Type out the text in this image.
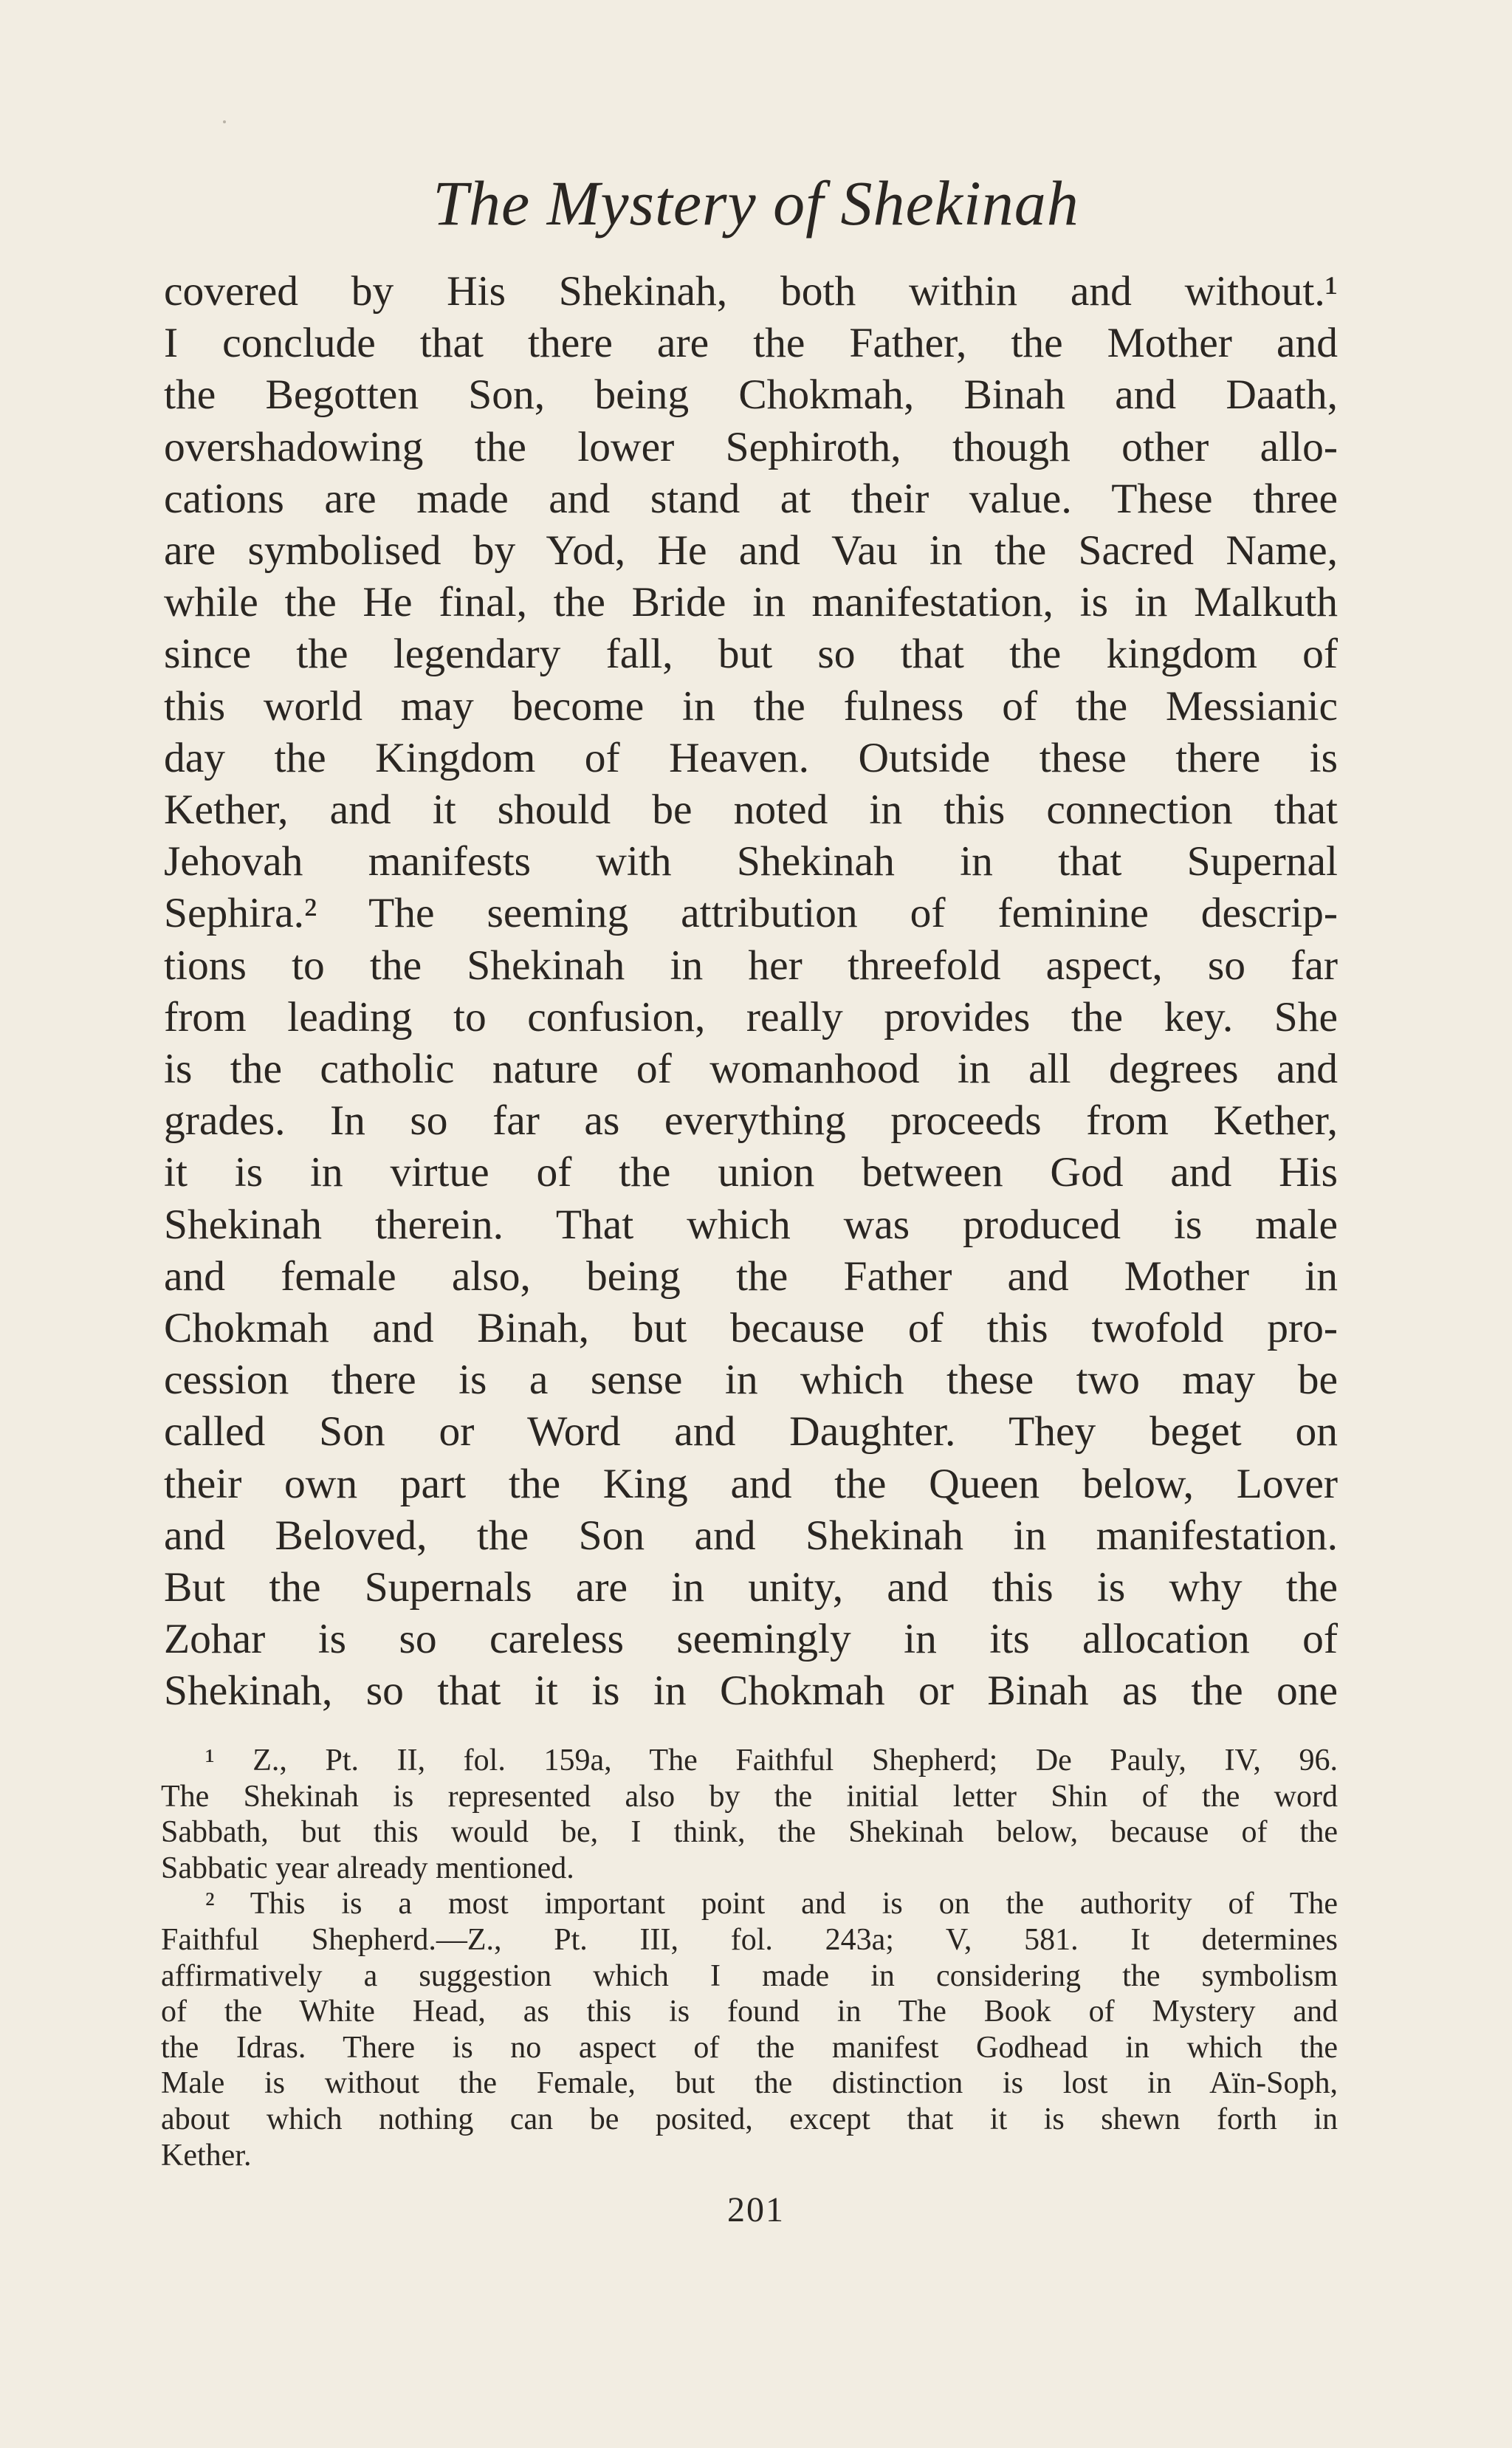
The Mystery of Shekinah
covered by His Shekinah, both within and without.¹
I conclude that there are the Father, the Mother and
the Begotten Son, being Chokmah, Binah and Daath,
overshadowing the lower Sephiroth, though other allo-
cations are made and stand at their value. These three
are symbolised by Yod, He and Vau in the Sacred Name,
while the He final, the Bride in manifestation, is in Malkuth
since the legendary fall, but so that the kingdom of
this world may become in the fulness of the Messianic
day the Kingdom of Heaven. Outside these there is
Kether, and it should be noted in this connection that
Jehovah manifests with Shekinah in that Supernal
Sephira.² The seeming attribution of feminine descrip-
tions to the Shekinah in her threefold aspect, so far
from leading to confusion, really provides the key. She
is the catholic nature of womanhood in all degrees and
grades. In so far as everything proceeds from Kether,
it is in virtue of the union between God and His
Shekinah therein. That which was produced is male
and female also, being the Father and Mother in
Chokmah and Binah, but because of this twofold pro-
cession there is a sense in which these two may be
called Son or Word and Daughter. They beget on
their own part the King and the Queen below, Lover
and Beloved, the Son and Shekinah in manifestation.
But the Supernals are in unity, and this is why the
Zohar is so careless seemingly in its allocation of
Shekinah, so that it is in Chokmah or Binah as the one
¹ Z., Pt. II, fol. 159a, The Faithful Shepherd; De Pauly, IV, 96.
The Shekinah is represented also by the initial letter Shin of the word
Sabbath, but this would be, I think, the Shekinah below, because of the
Sabbatic year already mentioned.
² This is a most important point and is on the authority of The
Faithful Shepherd.—Z., Pt. III, fol. 243a; V, 581. It determines
affirmatively a suggestion which I made in considering the symbolism
of the White Head, as this is found in The Book of Mystery and
the Idras. There is no aspect of the manifest Godhead in which the
Male is without the Female, but the distinction is lost in Aïn-Soph,
about which nothing can be posited, except that it is shewn forth in
Kether.
201
